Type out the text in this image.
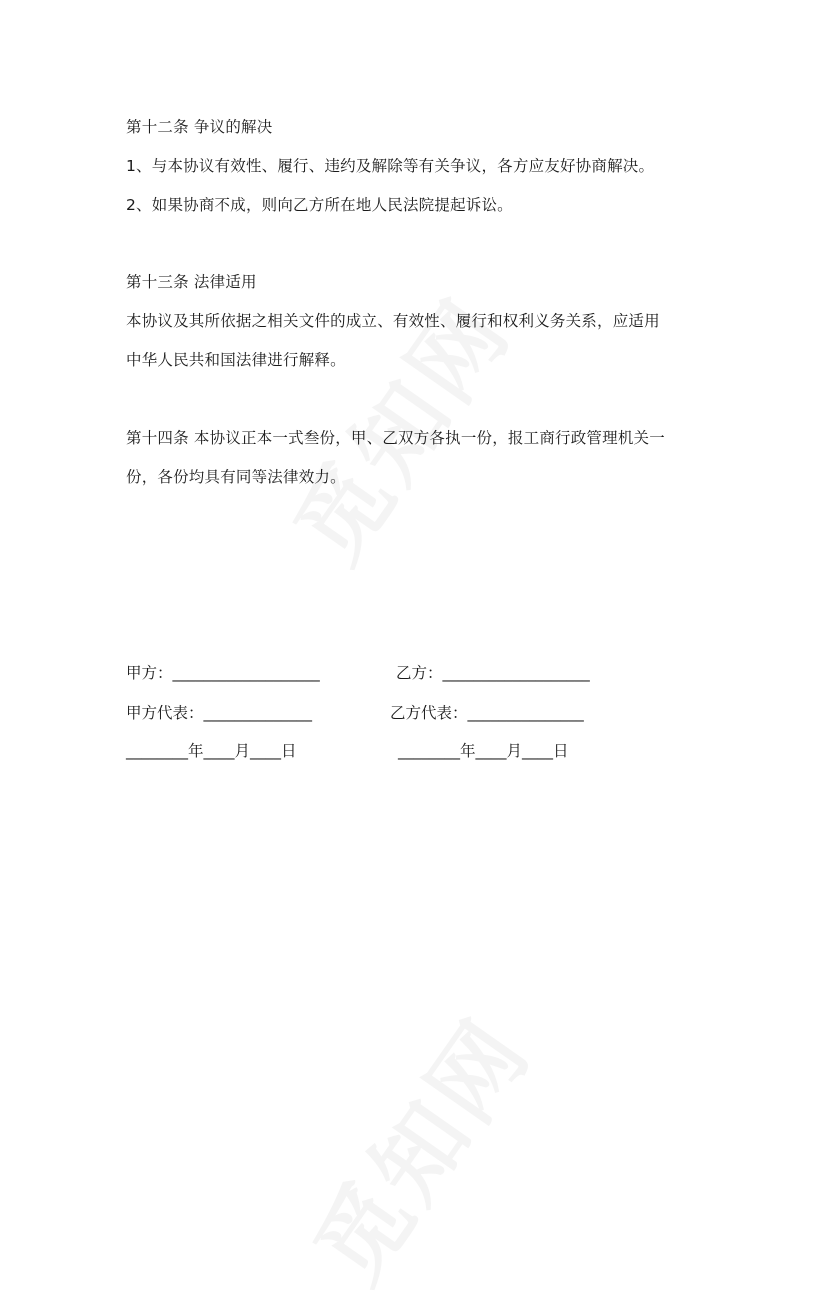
第十二条 争议的解决
1、与本协议有效性、履行、违约及解除等有关争议，各方应友好协商解决。
2、如果协商不成，则向乙方所在地人民法院提起诉讼。
第十三条 法律适用
本协议及其所依据之相关文件的成立、有效性、履行和权利义务关系，应适用
中华人民共和国法律进行解释。
第十四条 本协议正本一式叁份，甲、乙双方各执一份，报工商行政管理机关一
份，各份均具有同等法律效力。
甲方：___________________	乙方：___________________
甲方代表：______________	乙方代表：_______________
________年____月____日	________年____月____日
